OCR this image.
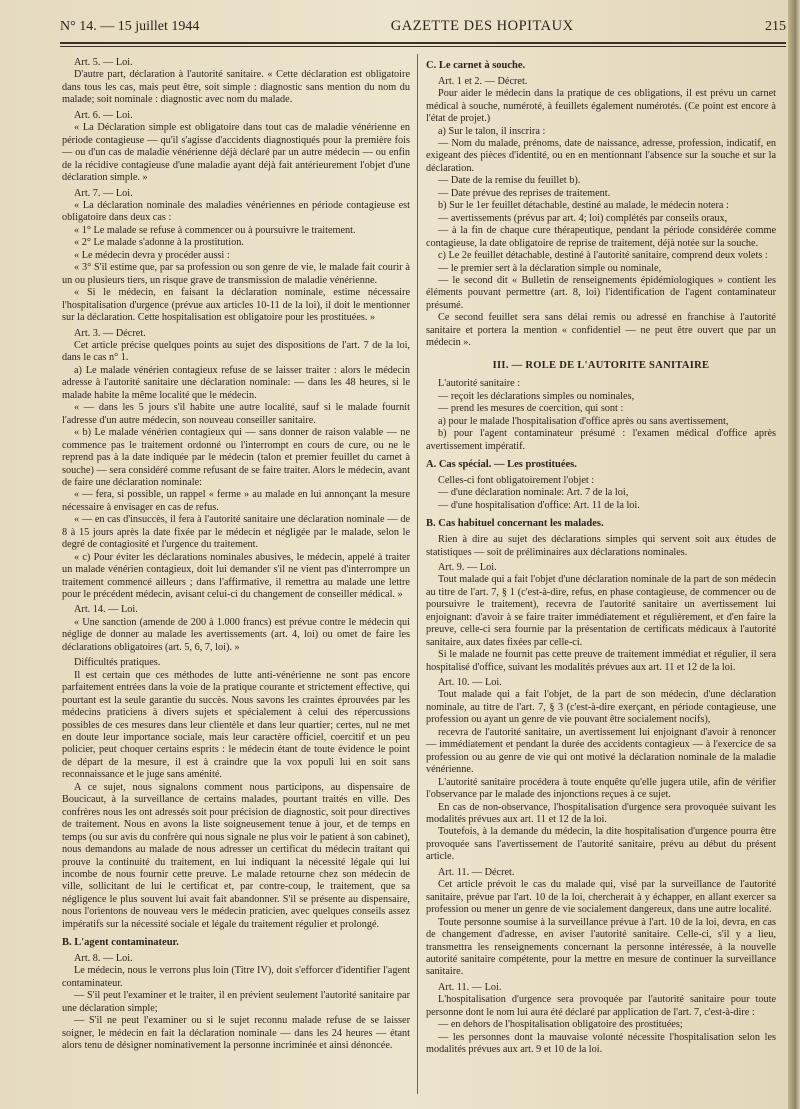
N° 14. — 15 juillet 1944	GAZETTE DES HOPITAUX	215

Art. 5. — Loi.

D'autre part, déclaration à l'autorité sanitaire. « Cette déclaration est obligatoire dans tous les cas, mais peut être, soit simple : diagnostic sans mention du nom du malade; soit nominale : diagnostic avec nom du malade.

Art. 6. — Loi.

« La Déclaration simple est obligatoire dans tout cas de maladie vénérienne en période contagieuse — qu'il s'agisse d'accidents diagnostiqués pour la première fois — ou d'un cas de maladie vénérienne déjà déclaré par un autre médecin — ou enfin de la récidive contagieuse d'une maladie ayant déjà fait antérieurement l'objet d'une déclaration simple. »

Art. 7. — Loi.

« La déclaration nominale des maladies vénériennes en période contagieuse est obligatoire dans deux cas :

« 1° Le malade se refuse à commencer ou à poursuivre le traitement.

« 2° Le malade s'adonne à la prostitution.

« Le médecin devra y procéder aussi :

« 3° S'il estime que, par sa profession ou son genre de vie, le malade fait courir à un ou plusieurs tiers, un risque grave de transmission de maladie vénérienne.

« Si le médecin, en faisant la déclaration nominale, estime nécessaire l'hospitalisation d'urgence (prévue aux articles 10-11 de la loi), il doit le mentionner sur la déclaration. Cette hospitalisation est obligatoire pour les prostituées. »

Art. 3. — Décret.

Cet article précise quelques points au sujet des dispositions de l'art. 7 de la loi, dans le cas n° 1.

a) Le malade vénérien contagieux refuse de se laisser traiter : alors le médecin adresse à l'autorité sanitaire une déclaration nominale: — dans les 48 heures, si le malade habite la même localité que le médecin.

« — dans les 5 jours s'il habite une autre localité, sauf si le malade fournit l'adresse d'un autre médecin, son nouveau conseiller sanitaire.

« b) Le malade vénérien contagieux qui — sans donner de raison valable — ne commence pas le traitement ordonné ou l'interrompt en cours de cure, ou ne le reprend pas à la date indiquée par le médecin (talon et premier feuillet du carnet à souche) — sera considéré comme refusant de se faire traiter. Alors le médecin, avant de faire une déclaration nominale:

« — fera, si possible, un rappel « ferme » au malade en lui annonçant la mesure nécessaire à envisager en cas de refus.

« — en cas d'insuccès, il fera à l'autorité sanitaire une déclaration nominale — de 8 à 15 jours après la date fixée par le médecin et négligée par le malade, selon le degré de contagiosité et l'urgence du traitement.

« c) Pour éviter les déclarations nominales abusives, le médecin, appelé à traiter un malade vénérien contagieux, doit lui demander s'il ne vient pas d'interrompre un traitement commencé ailleurs ; dans l'affirmative, il remettra au malade une lettre pour le précédent médecin, avisant celui-ci du changement de conseiller médical. »

Art. 14. — Loi.

« Une sanction (amende de 200 à 1.000 francs) est prévue contre le médecin qui néglige de donner au malade les avertissements (art. 4, loi) ou omet de faire les déclarations obligatoires (art. 5, 6, 7, loi). »

Difficultés pratiques.

Il est certain que ces méthodes de lutte anti-vénérienne ne sont pas encore parfaitement entrées dans la voie de la pratique courante et strictement effective, qui pourtant est la seule garantie du succès. Nous savons les craintes éprouvées par les médecins praticiens à divers sujets et spécialement à celui des répercussions possibles de ces mesures dans leur clientèle et dans leur quartier; certes, nul ne met en doute leur importance sociale, mais leur caractère officiel, coercitif et un peu policier, peut choquer certains esprits : le médecin étant de toute évidence le point de départ de la mesure, il est à craindre que la vox populi lui en soit sans reconnaissance et le juge sans aménité.

A ce sujet, nous signalons comment nous participons, au dispensaire de Boucicaut, à la surveillance de certains malades, pourtant traités en ville. Des confrères nous les ont adressés soit pour précision de diagnostic, soit pour directives de traitement. Nous en avons la liste soigneusement tenue à jour, et de temps en temps (ou sur avis du confrère qui nous signale ne plus voir le patient à son cabinet), nous demandons au malade de nous adresser un certificat du médecin traitant qui prouve la continuité du traitement, en lui indiquant la nécessité légale qui lui incombe de nous fournir cette preuve. Le malade retourne chez son médecin de ville, sollicitant de lui le certificat et, par contre-coup, le traitement, que sa négligence le plus souvent lui avait fait abandonner. S'il se présente au dispensaire, nous l'orientons de nouveau vers le médecin praticien, avec quelques conseils assez impératifs sur la nécessité sociale et légale du traitement régulier et prolongé.

B. L'agent contaminateur.

Art. 8. — Loi.

Le médecin, nous le verrons plus loin (Titre IV), doit s'efforcer d'identifier l'agent contaminateur.

— S'il peut l'examiner et le traiter, il en prévient seulement l'autorité sanitaire par une déclaration simple;

— S'il ne peut l'examiner ou si le sujet reconnu malade refuse de se laisser soigner, le médecin en fait la déclaration nominale — dans les 24 heures — étant alors tenu de désigner nominativement la personne incriminée et ainsi dénoncée.

C. Le carnet à souche.

Art. 1 et 2. — Décret.

Pour aider le médecin dans la pratique de ces obligations, il est prévu un carnet médical à souche, numéroté, à feuillets également numérotés. (Ce point est encore à l'état de projet.)

a) Sur le talon, il inscrira :

— Nom du malade, prénoms, date de naissance, adresse, profession, indicatif, en exigeant des pièces d'identité, ou en en mentionnant l'absence sur la souche et sur la déclaration.

— Date de la remise du feuillet b).

— Date prévue des reprises de traitement.

b) Sur le 1er feuillet détachable, destiné au malade, le médecin notera :

— avertissements (prévus par art. 4; loi) complétés par conseils oraux,

— à la fin de chaque cure thérapeutique, pendant la période considérée comme contagieuse, la date obligatoire de reprise de traitement, déjà notée sur la souche.

c) Le 2e feuillet détachable, destiné à l'autorité sanitaire, comprend deux volets :

— le premier sert à la déclaration simple ou nominale,

— le second dit « Bulletin de renseignements épidémiologiques » contient les éléments pouvant permettre (art. 8, loi) l'identification de l'agent contaminateur présumé.

Ce second feuillet sera sans délai remis ou adressé en franchise à l'autorité sanitaire et portera la mention « confidentiel — ne peut être ouvert que par un médecin ».

III. — ROLE DE L'AUTORITE SANITAIRE

L'autorité sanitaire :

— reçoit les déclarations simples ou nominales,

— prend les mesures de coercition, qui sont :

a) pour le malade l'hospitalisation d'office après ou sans avertissement,

b) pour l'agent contaminateur présumé : l'examen médical d'office après avertissement impératif.

A. Cas spécial. — Les prostituées.

Celles-ci font obligatoirement l'objet :

— d'une déclaration nominale: Art. 7 de la loi,

— d'une hospitalisation d'office: Art. 11 de la loi.

B. Cas habituel concernant les malades.

Rien à dire au sujet des déclarations simples qui servent soit aux études de statistiques — soit de préliminaires aux déclarations nominales.

Art. 9. — Loi.

Tout malade qui a fait l'objet d'une déclaration nominale de la part de son médecin au titre de l'art. 7, § 1 (c'est-à-dire, refus, en phase contagieuse, de commencer ou de poursuivre le traitement), recevra de l'autorité sanitaire un avertissement lui enjoignant: d'avoir à se faire traiter immédiatement et régulièrement, et d'en faire la preuve, celle-ci sera fournie par la présentation de certificats médicaux à l'autorité sanitaire, aux dates fixées par celle-ci.

Si le malade ne fournit pas cette preuve de traitement immédiat et régulier, il sera hospitalisé d'office, suivant les modalités prévues aux art. 11 et 12 de la loi.

Art. 10. — Loi.

Tout malade qui a fait l'objet, de la part de son médecin, d'une déclaration nominale, au titre de l'art. 7, § 3 (c'est-à-dire exerçant, en période contagieuse, une profession ou ayant un genre de vie pouvant être socialement nocifs),

recevra de l'autorité sanitaire, un avertissement lui enjoignant d'avoir à renoncer — immédiatement et pendant la durée des accidents contagieux — à l'exercice de sa profession ou au genre de vie qui ont motivé la déclaration nominale de la maladie vénérienne.

L'autorité sanitaire procédera à toute enquête qu'elle jugera utile, afin de vérifier l'observance par le malade des injonctions reçues à ce sujet.

En cas de non-observance, l'hospitalisation d'urgence sera provoquée suivant les modalités prévues aux art. 11 et 12 de la loi.

Toutefois, à la demande du médecin, la dite hospitalisation d'urgence pourra être provoquée sans l'avertissement de l'autorité sanitaire, prévu au début du présent article.

Art. 11. — Décret.

Cet article prévoit le cas du malade qui, visé par la surveillance de l'autorité sanitaire, prévue par l'art. 10 de la loi, chercherait à y échapper, en allant exercer sa profession ou mener un genre de vie socialement dangereux, dans une autre localité.

Toute personne soumise à la surveillance prévue à l'art. 10 de la loi, devra, en cas de changement d'adresse, en aviser l'autorité sanitaire. Celle-ci, s'il y a lieu, transmettra les renseignements concernant la personne intéressée, à la nouvelle autorité sanitaire compétente, pour la mettre en mesure de continuer la surveillance sanitaire.

Art. 11. — Loi.

L'hospitalisation d'urgence sera provoquée par l'autorité sanitaire pour toute personne dont le nom lui aura été déclaré par application de l'art. 7, c'est-à-dire :

— en dehors de l'hospitalisation obligatoire des prostituées;

— les personnes dont la mauvaise volonté nécessite l'hospitalisation selon les modalités prévues aux art. 9 et 10 de la loi.
